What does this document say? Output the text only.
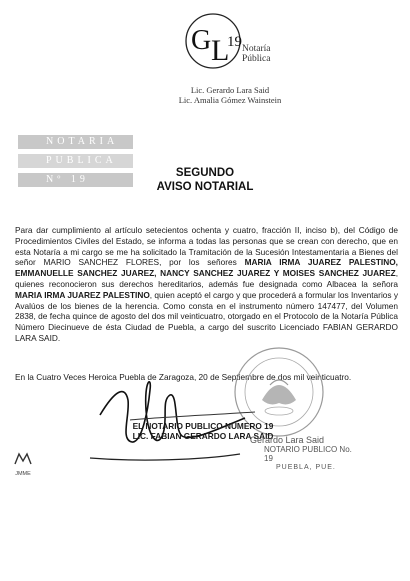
G L
19 Notaría
Pública
Lic. Gerardo Lara Said
Lic. Amalia Gómez Wainstein
NOTARIA
PUBLICA
Nº 19
SEGUNDO
AVISO NOTARIAL
Para dar cumplimiento al artículo setecientos ochenta y cuatro, fracción II, inciso b), del Código de Procedimientos Civiles del Estado, se informa a todas las personas que se crean con derecho, que en esta Notaría a mi cargo se me ha solicitado la Tramitación de la Sucesión Intestamentaria a Bienes del señor MARIO SANCHEZ FLORES, por los señores MARIA IRMA JUAREZ PALESTINO, EMMANUELLE SANCHEZ JUAREZ, NANCY SANCHEZ JUAREZ Y MOISES SANCHEZ JUAREZ, quienes reconocieron sus derechos hereditarios, además fue designada como Albacea la señora MARIA IRMA JUAREZ PALESTINO, quien aceptó el cargo y que procederá a formular los Inventarios y Avalúos de los bienes de la herencia. Como consta en el instrumento número 147477, del Volumen 2838, de fecha quince de agosto del dos mil veinticuatro, otorgado en el Protocolo de la Notaría Pública Número Diecinueve de ésta Ciudad de Puebla, a cargo del suscrito Licenciado FABIAN GERARDO LARA SAID.
En la Cuatro Veces Heroica Puebla de Zaragoza, 20 de Septiembre de dos mil veinticuatro.
EL NOTARIO PUBLICO NUMERO 19
LIC. FABIAN GERARDO LARA SAID
Gerardo Lara Said
NOTARIO PUBLICO No. 19
PUEBLA, PUE.
JMME
